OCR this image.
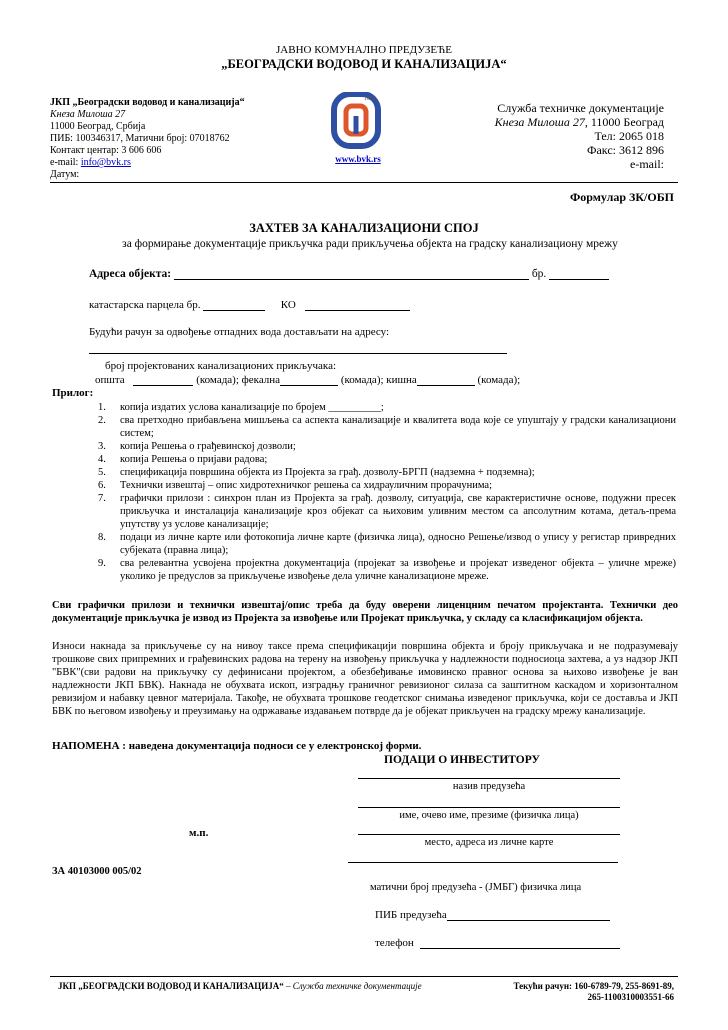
ЈАВНО КОМУНАЛНО ПРЕДУЗЕЋЕ
„БЕОГРАДСКИ ВОДОВОД И КАНАЛИЗАЦИЈА“
ЈКП „Београдски водовод и канализација“
Кнеза Милоша 27
11000 Београд, Србија
ПИБ: 100346317, Матични број: 07018762
Контакт центар: 3 606 606
e-mail: info@bvk.rs
Датум:
1892
www.bvk.rs
Служба техничке документације
Кнеза Милоша 27, 11000 Београд
Тел: 2065 018
Факс: 3612 896
e-mail:
Формулар ЗК/ОБП
ЗАХТЕВ ЗА КАНАЛИЗАЦИОНИ СПОЈ
за формирање документације прикључка ради прикључења објекта на градску канализациону мрежу
Адреса објекта:	бр.
катастарска парцела бр.	КО
Будући рачун за одвођење отпадних вода достављати на адресу:
број пројектованих канализационих прикључака:
општа	(комада); фекална	(комада); кишна	(комада);
Прилог:
1. копија издатих услова канализације по бројем __________;
2. сва претходно прибављена мишљења са аспекта канализације и квалитета вода које се упуштају у градски канализациони систем;
3. копија Решења о грађевинској дозволи;
4. копија Решења о пријави радова;
5. спецификација површина објекта из Пројекта за грађ. дозволу-БРГП (надземна + подземна);
6. Технички извештај – опис хидротехничког решења са хидрауличним прорачунима;
7. графички прилози : синхрон план из Пројекта за грађ. дозволу, ситуација, све карактеристичне основе, подужни пресек прикључка и инсталација канализације кроз објекат са њиховим уливним местом са апсолутним котама, детаљ-према упутству уз услове канализације;
8. подаци из личне карте или фотокопија личне карте (физичка лица), односно Решење/извод о упису у регистар привредних субјеката (правна лица);
9. сва релевантна усвојена пројектна документација (пројекат за извођење и пројекат изведеног објекта – уличне мреже) уколико је предуслов за прикључење извођење дела уличне канализационе мреже.
Сви графички прилози и технички извештај/опис треба да буду оверени лиценцним печатом пројектанта. Технички део документације прикључка је извод из Пројекта за извођење или Пројекат прикључка, у складу са класификацијом објекта.
Износи накнада за прикључење су на нивоу таксе према спецификацији површина објекта и броју прикључака и не подразумевају трошкове свих припремних и грађевинских радова на терену на извођењу прикључка у надлежности подносиоца захтева, а уз надзор ЈКП "БВК"(сви радови на прикључку су дефинисани пројектом, а обезбеђивање имовинско правног основа за њихово извођење је ван надлежности ЈКП БВК). Накнада не обухвата ископ, изградњу граничног ревизионог силаза са заштитном каскадом и хоризонталном ревизијом и набавку цевног материјала. Такође, не обухвата трошкове геодетског снимања изведеног прикључка, који се доставља и ЈКП БВК по његовом извођењу и преузимању на одржавање издавањем потврде да је објекат прикључен на градску мрежу канализације.
НАПОМЕНА : наведена документација подноси се у електронској форми.
ПОДАЦИ О ИНВЕСТИТОРУ
назив предузећа
име, очево име, презиме (физичка лица)
м.п.
место, адреса из личне карте
ЗА 40103000 005/02
матични број предузећа - (ЈМБГ) физичка лица
ПИБ предузећа
телефон
ЈКП „БЕОГРАДСКИ ВОДОВОД И КАНАЛИЗАЦИЈА“ – Служба техничке документације	Текући рачун: 160-6789-79, 255-8691-89,
265-1100310003551-66
